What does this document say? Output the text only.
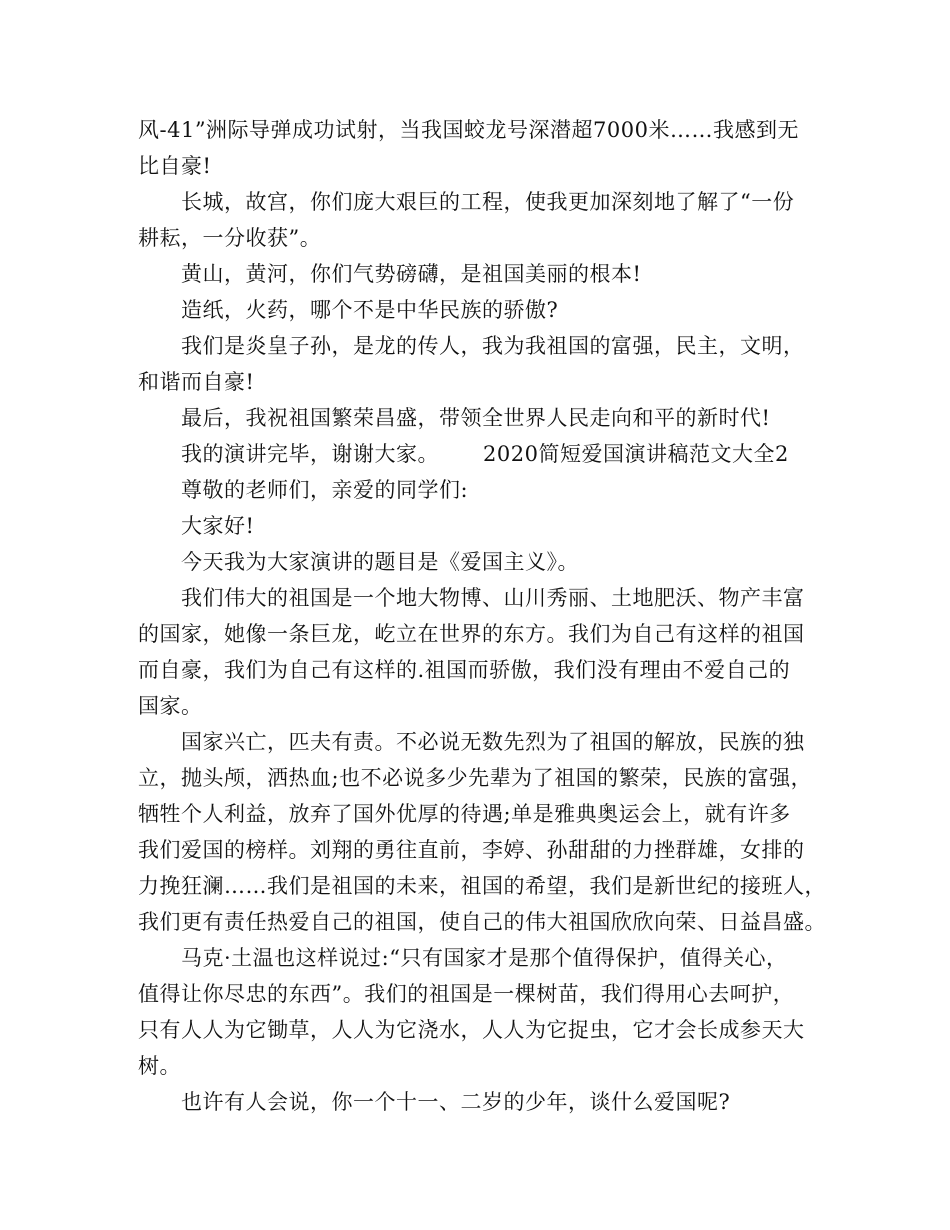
风-41”洲际导弹成功试射，当我国蛟龙号深潜超7000米……我感到无
比自豪!
长城，故宫，你们庞大艰巨的工程，使我更加深刻地了解了“一份
耕耘，一分收获”。
黄山，黄河，你们气势磅礴，是祖国美丽的根本!
造纸，火药，哪个不是中华民族的骄傲?
我们是炎皇子孙，是龙的传人，我为我祖国的富强，民主，文明，
和谐而自豪!
最后，我祝祖国繁荣昌盛，带领全世界人民走向和平的新时代!
我的演讲完毕，谢谢大家。 2020简短爱国演讲稿范文大全2
尊敬的老师们，亲爱的同学们:
大家好!
今天我为大家演讲的题目是《爱国主义》。
我们伟大的祖国是一个地大物博、山川秀丽、土地肥沃、物产丰富
的国家，她像一条巨龙，屹立在世界的东方。我们为自己有这样的祖国
而自豪，我们为自己有这样的.祖国而骄傲，我们没有理由不爱自己的
国家。
国家兴亡，匹夫有责。不必说无数先烈为了祖国的解放，民族的独
立，抛头颅，洒热血;也不必说多少先辈为了祖国的繁荣，民族的富强，
牺牲个人利益，放弃了国外优厚的待遇;单是雅典奥运会上，就有许多
我们爱国的榜样。刘翔的勇往直前，李婷、孙甜甜的力挫群雄，女排的
力挽狂澜……我们是祖国的未来，祖国的希望，我们是新世纪的接班人，
我们更有责任热爱自己的祖国，使自己的伟大祖国欣欣向荣、日益昌盛。
马克·土温也这样说过:“只有国家才是那个值得保护，值得关心，
值得让你尽忠的东西”。我们的祖国是一棵树苗，我们得用心去呵护，
只有人人为它锄草，人人为它浇水，人人为它捉虫，它才会长成参天大
树。
也许有人会说，你一个十一、二岁的少年，谈什么爱国呢?
